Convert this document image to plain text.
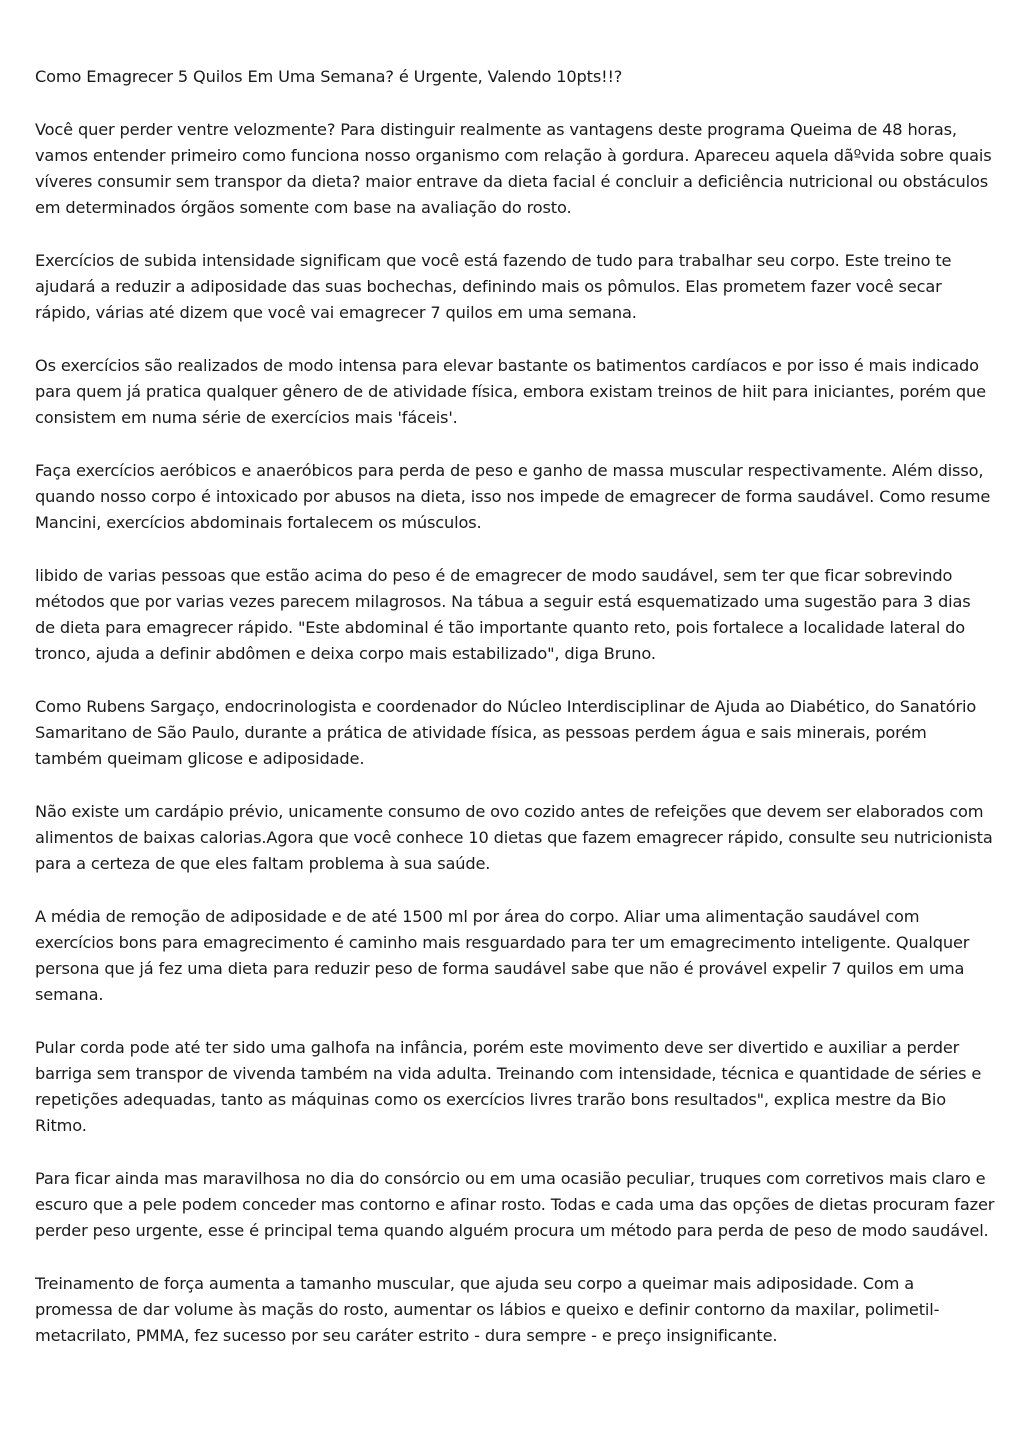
Como Emagrecer 5 Quilos Em Uma Semana? é Urgente, Valendo 10pts!!?

Você quer perder ventre velozmente? Para distinguir realmente as vantagens deste programa Queima de 48 horas, vamos entender primeiro como funciona nosso organismo com relação à gordura. Apareceu aquela dãºvida sobre quais víveres consumir sem transpor da dieta? maior entrave da dieta facial é concluir a deficiência nutricional ou obstáculos em determinados órgãos somente com base na avaliação do rosto.

Exercícios de subida intensidade significam que você está fazendo de tudo para trabalhar seu corpo. Este treino te ajudará a reduzir a adiposidade das suas bochechas, definindo mais os pômulos. Elas prometem fazer você secar rápido, várias até dizem que você vai emagrecer 7 quilos em uma semana.

Os exercícios são realizados de modo intensa para elevar bastante os batimentos cardíacos e por isso é mais indicado para quem já pratica qualquer gênero de de atividade física, embora existam treinos de hiit para iniciantes, porém que consistem em numa série de exercícios mais 'fáceis'.

Faça exercícios aeróbicos e anaeróbicos para perda de peso e ganho de massa muscular respectivamente. Além disso, quando nosso corpo é intoxicado por abusos na dieta, isso nos impede de emagrecer de forma saudável. Como resume Mancini, exercícios abdominais fortalecem os músculos.

libido de varias pessoas que estão acima do peso é de emagrecer de modo saudável, sem ter que ficar sobrevindo métodos que por varias vezes parecem milagrosos. Na tábua a seguir está esquematizado uma sugestão para 3 dias de dieta para emagrecer rápido. "Este abdominal é tão importante quanto reto, pois fortalece a localidade lateral do tronco, ajuda a definir abdômen e deixa corpo mais estabilizado", diga Bruno.

Como Rubens Sargaço, endocrinologista e coordenador do Núcleo Interdisciplinar de Ajuda ao Diabético, do Sanatório Samaritano de São Paulo, durante a prática de atividade física, as pessoas perdem água e sais minerais, porém também queimam glicose e adiposidade.

Não existe um cardápio prévio, unicamente consumo de ovo cozido antes de refeições que devem ser elaborados com alimentos de baixas calorias.Agora que você conhece 10 dietas que fazem emagrecer rápido, consulte seu nutricionista para a certeza de que eles faltam problema à sua saúde.

A média de remoção de adiposidade e de até 1500 ml por área do corpo. Aliar uma alimentação saudável com exercícios bons para emagrecimento é caminho mais resguardado para ter um emagrecimento inteligente. Qualquer persona que já fez uma dieta para reduzir peso de forma saudável sabe que não é provável expelir 7 quilos em uma semana.

Pular corda pode até ter sido uma galhofa na infância, porém este movimento deve ser divertido e auxiliar a perder barriga sem transpor de vivenda também na vida adulta. Treinando com intensidade, técnica e quantidade de séries e repetições adequadas, tanto as máquinas como os exercícios livres trarão bons resultados", explica mestre da Bio Ritmo.

Para ficar ainda mas maravilhosa no dia do consórcio ou em uma ocasião peculiar, truques com corretivos mais claro e escuro que a pele podem conceder mas contorno e afinar rosto. Todas e cada uma das opções de dietas procuram fazer perder peso urgente, esse é principal tema quando alguém procura um método para perda de peso de modo saudável.

Treinamento de força aumenta a tamanho muscular, que ajuda seu corpo a queimar mais adiposidade. Com a promessa de dar volume às maçãs do rosto, aumentar os lábios e queixo e definir contorno da maxilar, polimetil-metacrilato, PMMA, fez sucesso por seu caráter estrito - dura sempre - e preço insignificante.
